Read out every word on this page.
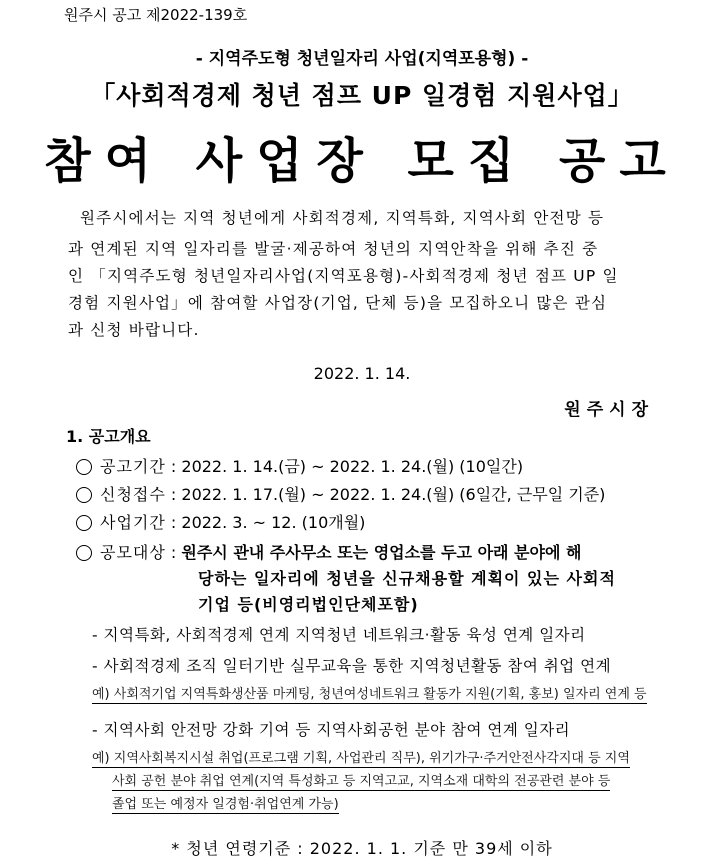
원주시 공고 제2022-139호
- 지역주도형 청년일자리 사업(지역포용형) -
「사회적경제 청년 점프 UP 일경험 지원사업」
참여 사업장 모집 공고
원주시에서는 지역 청년에게 사회적경제, 지역특화, 지역사회 안전망 등
과 연계된 지역 일자리를 발굴·제공하여 청년의 지역안착을 위해 추진 중
인 「지역주도형 청년일자리사업(지역포용형)-사회적경제 청년 점프 UP 일
경험 지원사업」에 참여할 사업장(기업, 단체 등)을 모집하오니 많은 관심
과 신청 바랍니다.
2022. 1. 14.
원주시장
1. 공고개요
공고기간 : 2022. 1. 14.(금) ~ 2022. 1. 24.(월) (10일간)
신청접수 : 2022. 1. 17.(월) ~ 2022. 1. 24.(월) (6일간, 근무일 기준)
사업기간 : 2022. 3. ~ 12. (10개월)
공모대상 : 원주시 관내 주사무소 또는 영업소를 두고 아래 분야에 해
당하는 일자리에 청년을 신규채용할 계획이 있는 사회적
기업 등(비영리법인단체포함)
- 지역특화, 사회적경제 연계 지역청년 네트워크·활동 육성 연계 일자리
- 사회적경제 조직 일터기반 실무교육을 통한 지역청년활동 참여 취업 연계
예) 사회적기업 지역특화생산품 마케팅, 청년여성네트워크 활동가 지원(기획, 홍보) 일자리 연계 등
- 지역사회 안전망 강화 기여 등 지역사회공헌 분야 참여 연계 일자리
예) 지역사회복지시설 취업(프로그램 기획, 사업관리 직무), 위기가구·주거안전사각지대 등 지역
사회 공헌 분야 취업 연계(지역 특성화고 등 지역고교, 지역소재 대학의 전공관련 분야 등
졸업 또는 예정자 일경험·취업연계 가능)
* 청년 연령기준 : 2022. 1. 1. 기준 만 39세 이하
